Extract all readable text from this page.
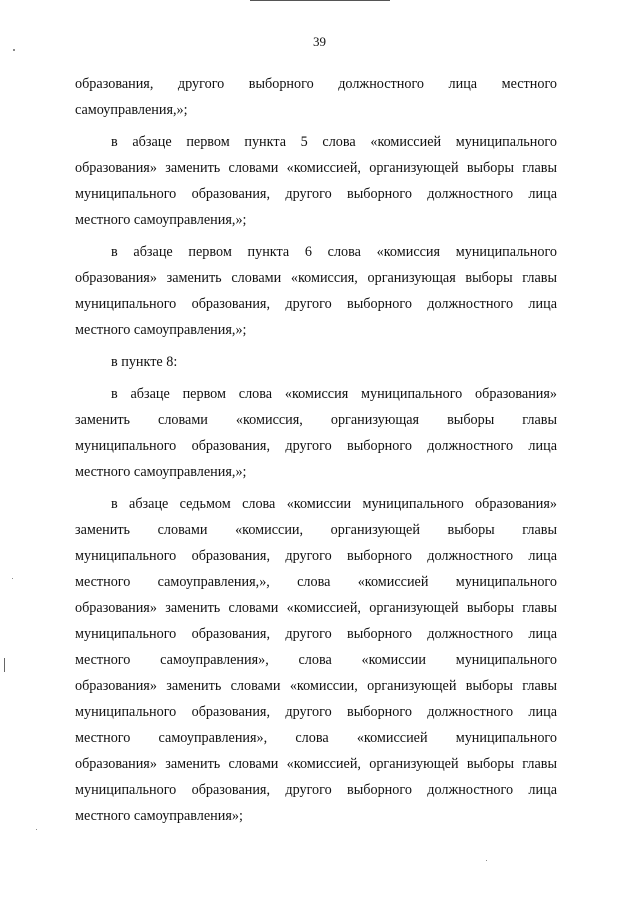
39
образования, другого выборного должностного лица местного
самоуправления,»;
в абзаце первом пункта 5 слова «комиссией муниципального
образования» заменить словами «комиссией, организующей выборы главы
муниципального образования, другого выборного должностного лица
местного самоуправления,»;
в абзаце первом пункта 6 слова «комиссия муниципального
образования» заменить словами «комиссия, организующая выборы главы
муниципального образования, другого выборного должностного лица
местного самоуправления,»;
в пункте 8:
в абзаце первом слова «комиссия муниципального образования»
заменить словами «комиссия, организующая выборы главы
муниципального образования, другого выборного должностного лица
местного самоуправления,»;
в абзаце седьмом слова «комиссии муниципального образования»
заменить словами «комиссии, организующей выборы главы
муниципального образования, другого выборного должностного лица
местного самоуправления,», слова «комиссией муниципального
образования» заменить словами «комиссией, организующей выборы главы
муниципального образования, другого выборного должностного лица
местного самоуправления», слова «комиссии муниципального
образования» заменить словами «комиссии, организующей выборы главы
муниципального образования, другого выборного должностного лица
местного самоуправления», слова «комиссией муниципального
образования» заменить словами «комиссией, организующей выборы главы
муниципального образования, другого выборного должностного лица
местного самоуправления»;
